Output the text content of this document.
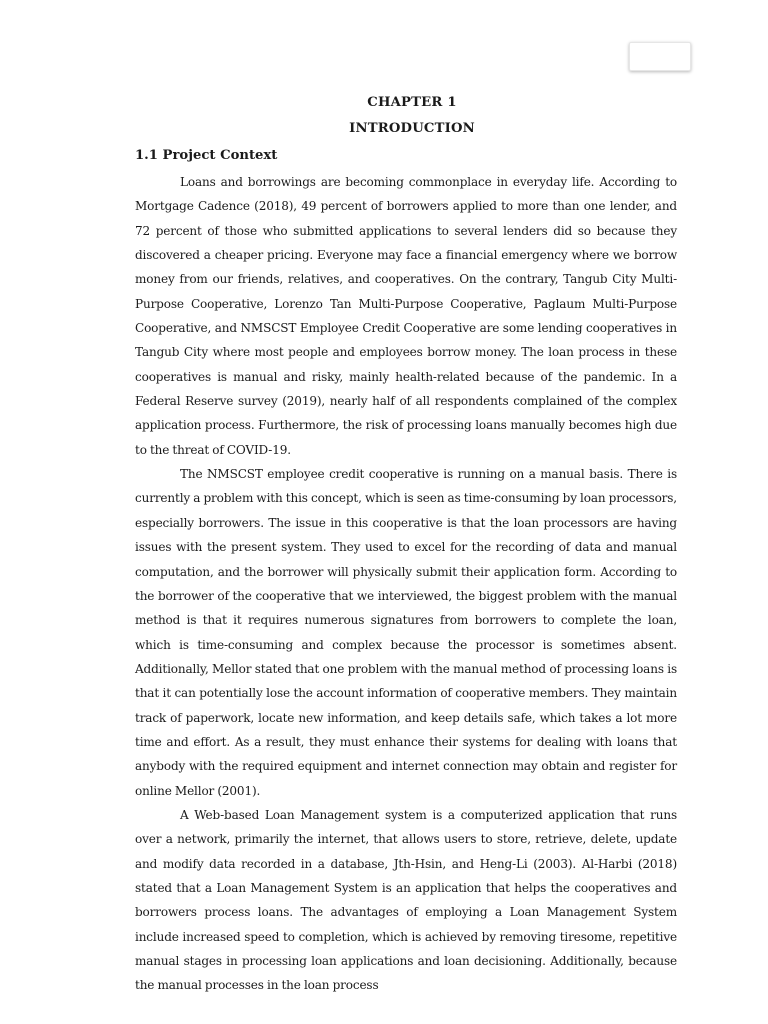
CHAPTER 1

INTRODUCTION

1.1 Project Context

Loans and borrowings are becoming commonplace in everyday life. According to Mortgage Cadence (2018), 49 percent of borrowers applied to more than one lender, and 72 percent of those who submitted applications to several lenders did so because they discovered a cheaper pricing. Everyone may face a financial emergency where we borrow money from our friends, relatives, and cooperatives. On the contrary, Tangub City Multi-Purpose Cooperative, Lorenzo Tan Multi-Purpose Cooperative, Paglaum Multi-Purpose Cooperative, and NMSCST Employee Credit Cooperative are some lending cooperatives in Tangub City where most people and employees borrow money. The loan process in these cooperatives is manual and risky, mainly health-related because of the pandemic. In a Federal Reserve survey (2019), nearly half of all respondents complained of the complex application process. Furthermore, the risk of processing loans manually becomes high due to the threat of COVID-19.

The NMSCST employee credit cooperative is running on a manual basis. There is currently a problem with this concept, which is seen as time-consuming by loan processors, especially borrowers. The issue in this cooperative is that the loan processors are having issues with the present system. They used to excel for the recording of data and manual computation, and the borrower will physically submit their application form. According to the borrower of the cooperative that we interviewed, the biggest problem with the manual method is that it requires numerous signatures from borrowers to complete the loan, which is time-consuming and complex because the processor is sometimes absent. Additionally, Mellor stated that one problem with the manual method of processing loans is that it can potentially lose the account information of cooperative members. They maintain track of paperwork, locate new information, and keep details safe, which takes a lot more time and effort. As a result, they must enhance their systems for dealing with loans that anybody with the required equipment and internet connection may obtain and register for online Mellor (2001).

A Web-based Loan Management system is a computerized application that runs over a network, primarily the internet, that allows users to store, retrieve, delete, update and modify data recorded in a database, Jth-Hsin, and Heng-Li (2003). Al-Harbi (2018) stated that a Loan Management System is an application that helps the cooperatives and borrowers process loans. The advantages of employing a Loan Management System include increased speed to completion, which is achieved by removing tiresome, repetitive manual stages in processing loan applications and loan decisioning. Additionally, because the manual processes in the loan process
